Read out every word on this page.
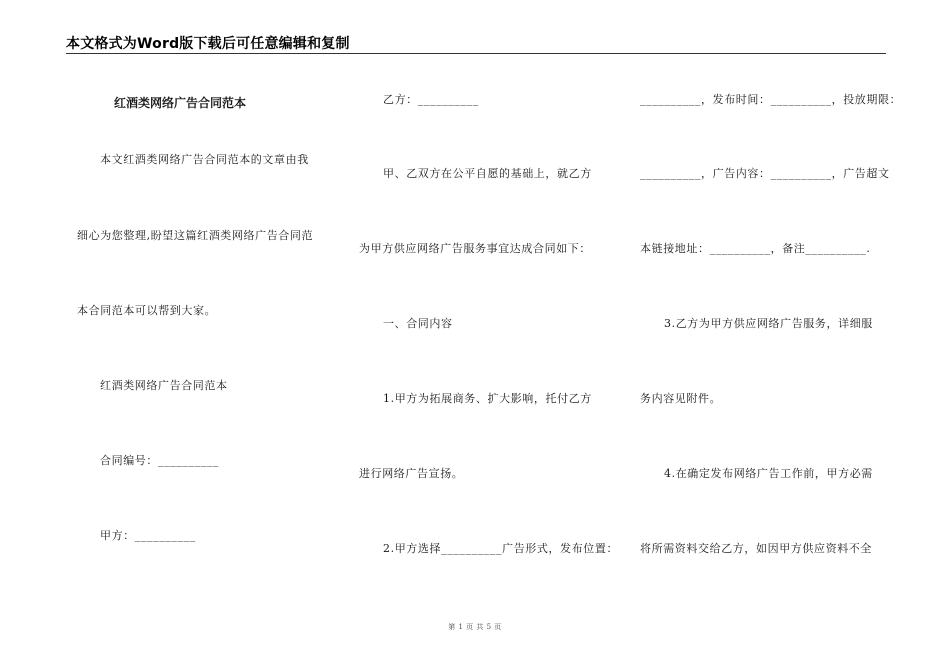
本文格式为Word版下载后可任意编辑和复制
红酒类网络广告合同范本
本文红酒类网络广告合同范本的文章由我
细心为您整理,盼望这篇红酒类网络广告合同范
本合同范本可以帮到大家。
红酒类网络广告合同范本
合同编号：__________
甲方：__________
乙方：__________
甲、乙双方在公平自愿的基础上，就乙方
为甲方供应网络广告服务事宜达成合同如下：
一、合同内容
1.甲方为拓展商务、扩大影响，托付乙方
进行网络广告宣扬。
2.甲方选择__________广告形式，发布位置：
__________，发布时间：__________，投放期限：
__________，广告内容：__________，广告超文
本链接地址：__________，备注__________.
3.乙方为甲方供应网络广告服务，详细服
务内容见附件。
4.在确定发布网络广告工作前，甲方必需
将所需资料交给乙方，如因甲方供应资料不全
第 1 页 共 5 页
